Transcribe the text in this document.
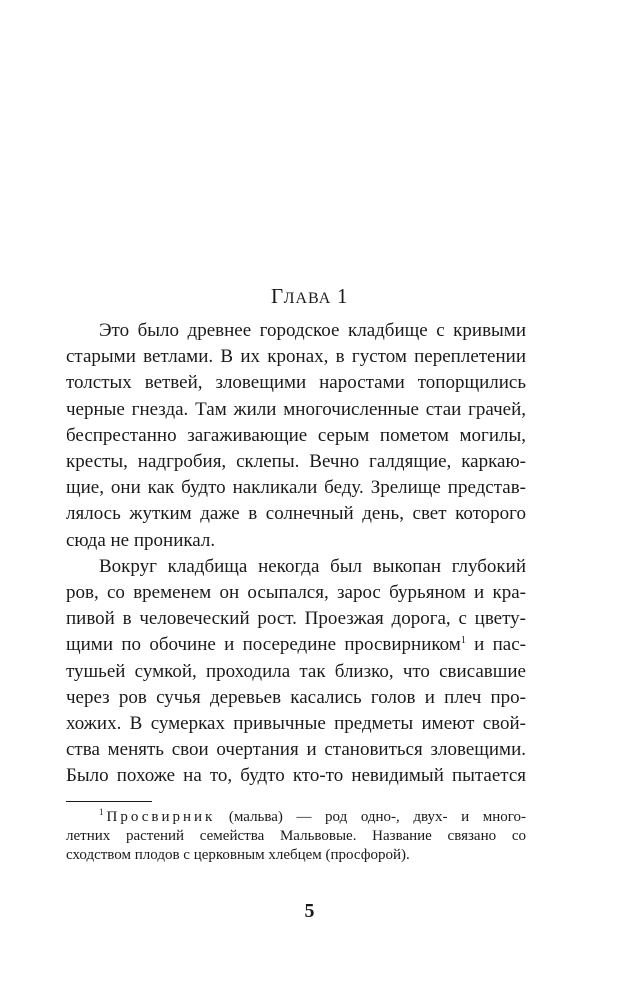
ГЛАВА 1
Это было древнее городское кладбище с кривыми
старыми ветлами. В их кронах, в густом переплетении
толстых ветвей, зловещими наростами топорщились
черные гнезда. Там жили многочисленные стаи грачей,
беспрестанно загаживающие серым пометом могилы,
кресты, надгробия, склепы. Вечно галдящие, каркаю-
щие, они как будто накликали беду. Зрелище представ-
лялось жутким даже в солнечный день, свет которого
сюда не проникал.
Вокруг кладбища некогда был выкопан глубокий
ров, со временем он осыпался, зарос бурьяном и кра-
пивой в человеческий рост. Проезжая дорога, с цвету-
щими по обочине и посередине просвирником$^1$ и пас-
тушьей сумкой, проходила так близко, что свисавшие
через ров сучья деревьев касались голов и плеч про-
хожих. В сумерках привычные предметы имеют свой-
ства менять свои очертания и становиться зловещими.
Было похоже на то, будто кто-то невидимый пытается
$^1$ Просвирник (мальва) — род одно-, двух- и много-
летних растений семейства Мальвовые. Название связано со
сходством плодов с церковным хлебцем (просфорой).
5
